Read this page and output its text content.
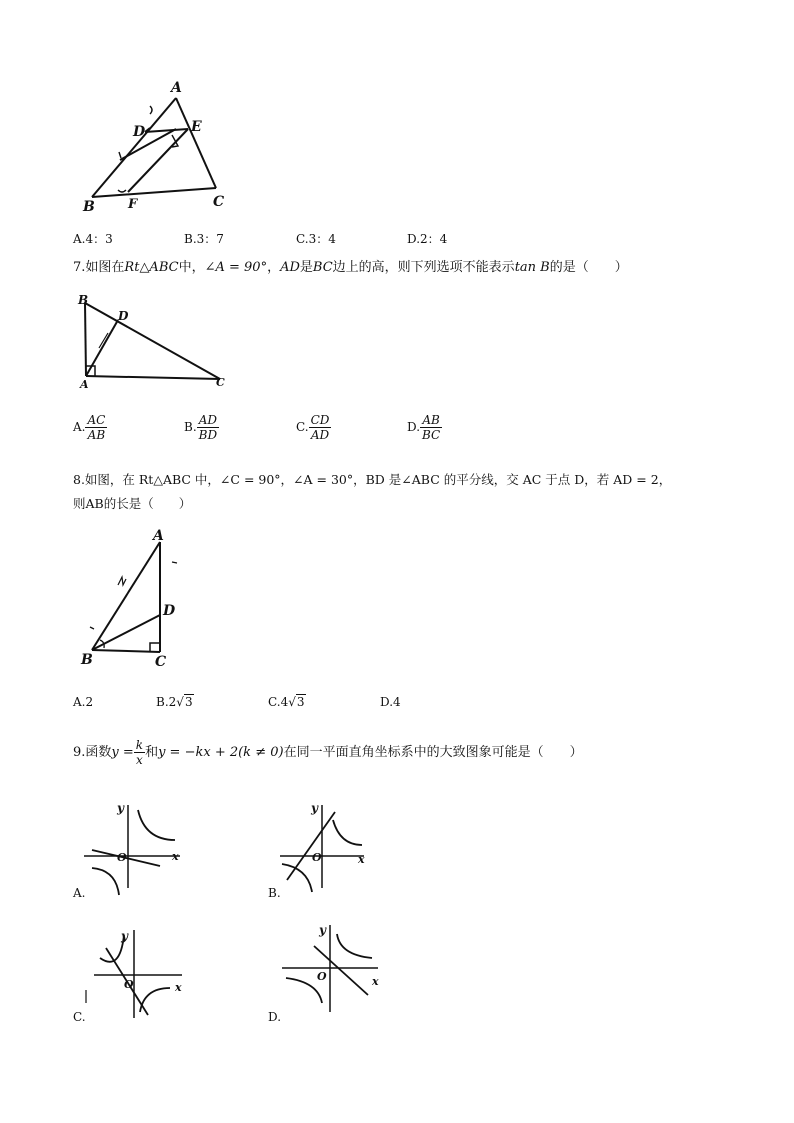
A
D	E
B	F	C
A.4：3	B.3：7	C.3：4	D.2：4
7.如图在Rt△ABC中，∠A = 90°，AD是BC边上的高，则下列选项不能表示tan B的是（　　）
B
D
A	C
A. $\frac{AC}{AB}$	B. $\frac{AD}{BD}$	C. $\frac{CD}{AD}$	D. $\frac{AB}{BC}$
8.如图，在 Rt△ABC 中，∠C = 90°，∠A = 30°，BD 是∠ABC 的平分线，交 AC 于点 D，若 AD = 2，
则AB的长是（　　）
A
D
B	C
A.2	B.2√3	C.4√3	D.4
9.函数$y = \frac{k}{x}$ 和y = −kx + 2(k ≠ 0)在同一平面直角坐标系中的大致图象可能是（　　）
y
x
O
A.
y
x
O
B.
y
x
O
C.
y
x
O
D.
